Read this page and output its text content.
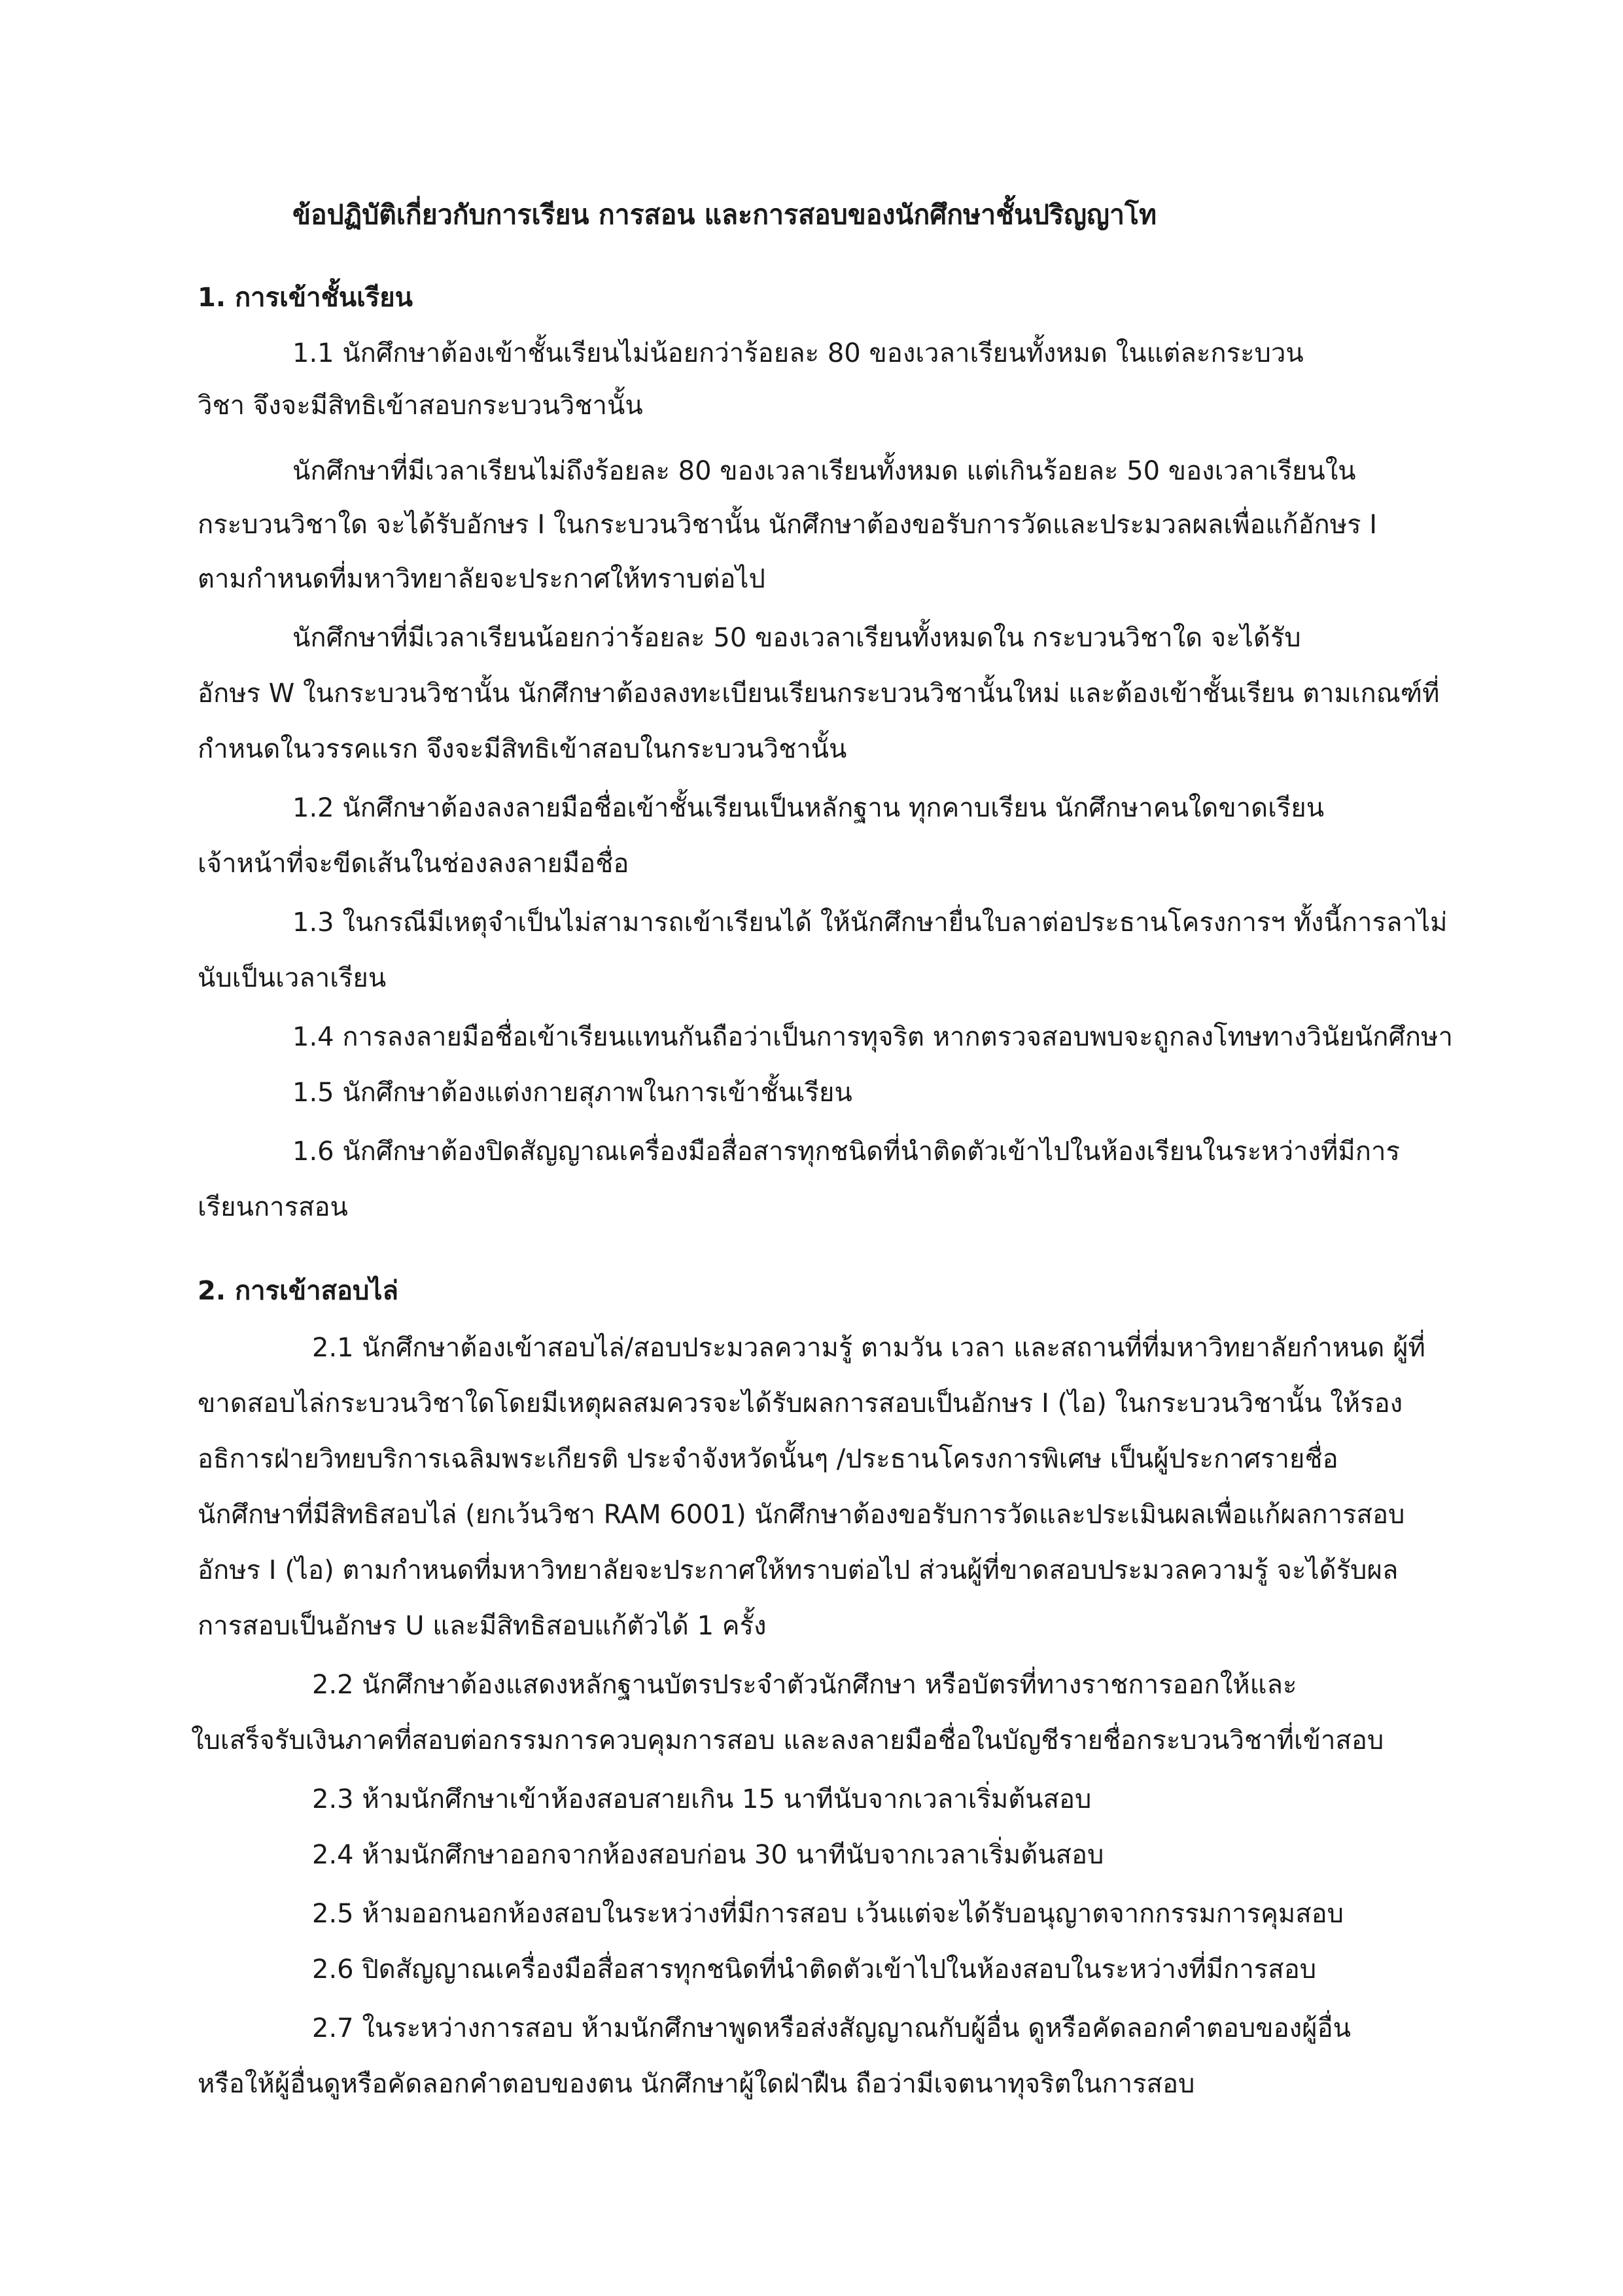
ข้อปฏิบัติเกี่ยวกับการเรียน การสอน และการสอบของนักศึกษาชั้นปริญญาโท
1. การเข้าชั้นเรียน
1.1 นักศึกษาต้องเข้าชั้นเรียนไม่น้อยกว่าร้อยละ 80 ของเวลาเรียนทั้งหมด ในแต่ละกระบวน
วิชา จึงจะมีสิทธิเข้าสอบกระบวนวิชานั้น
นักศึกษาที่มีเวลาเรียนไม่ถึงร้อยละ 80 ของเวลาเรียนทั้งหมด แต่เกินร้อยละ 50 ของเวลาเรียนใน
กระบวนวิชาใด จะได้รับอักษร I ในกระบวนวิชานั้น นักศึกษาต้องขอรับการวัดและประมวลผลเพื่อแก้อักษร I
ตามกำหนดที่มหาวิทยาลัยจะประกาศให้ทราบต่อไป
นักศึกษาที่มีเวลาเรียนน้อยกว่าร้อยละ 50 ของเวลาเรียนทั้งหมดใน กระบวนวิชาใด จะได้รับ
อักษร W ในกระบวนวิชานั้น นักศึกษาต้องลงทะเบียนเรียนกระบวนวิชานั้นใหม่ และต้องเข้าชั้นเรียน ตามเกณฑ์ที่
กำหนดในวรรคแรก จึงจะมีสิทธิเข้าสอบในกระบวนวิชานั้น
1.2 นักศึกษาต้องลงลายมือชื่อเข้าชั้นเรียนเป็นหลักฐาน ทุกคาบเรียน นักศึกษาคนใดขาดเรียน
เจ้าหน้าที่จะขีดเส้นในช่องลงลายมือชื่อ
1.3 ในกรณีมีเหตุจำเป็นไม่สามารถเข้าเรียนได้ ให้นักศึกษายื่นใบลาต่อประธานโครงการฯ ทั้งนี้การลาไม่
นับเป็นเวลาเรียน
1.4 การลงลายมือชื่อเข้าเรียนแทนกันถือว่าเป็นการทุจริต หากตรวจสอบพบจะถูกลงโทษทางวินัยนักศึกษา
1.5 นักศึกษาต้องแต่งกายสุภาพในการเข้าชั้นเรียน
1.6 นักศึกษาต้องปิดสัญญาณเครื่องมือสื่อสารทุกชนิดที่นำติดตัวเข้าไปในห้องเรียนในระหว่างที่มีการ
เรียนการสอน
2. การเข้าสอบไล่
2.1 นักศึกษาต้องเข้าสอบไล่/สอบประมวลความรู้ ตามวัน เวลา และสถานที่ที่มหาวิทยาลัยกำหนด ผู้ที่
ขาดสอบไล่กระบวนวิชาใดโดยมีเหตุผลสมควรจะได้รับผลการสอบเป็นอักษร I (ไอ) ในกระบวนวิชานั้น ให้รอง
อธิการฝ่ายวิทยบริการเฉลิมพระเกียรติ ประจำจังหวัดนั้นๆ /ประธานโครงการพิเศษ เป็นผู้ประกาศรายชื่อ
นักศึกษาที่มีสิทธิสอบไล่ (ยกเว้นวิชา RAM 6001) นักศึกษาต้องขอรับการวัดและประเมินผลเพื่อแก้ผลการสอบ
อักษร I (ไอ) ตามกำหนดที่มหาวิทยาลัยจะประกาศให้ทราบต่อไป ส่วนผู้ที่ขาดสอบประมวลความรู้ จะได้รับผล
การสอบเป็นอักษร U และมีสิทธิสอบแก้ตัวได้ 1 ครั้ง
2.2 นักศึกษาต้องแสดงหลักฐานบัตรประจำตัวนักศึกษา หรือบัตรที่ทางราชการออกให้และ
ใบเสร็จรับเงินภาคที่สอบต่อกรรมการควบคุมการสอบ และลงลายมือชื่อในบัญชีรายชื่อกระบวนวิชาที่เข้าสอบ
2.3 ห้ามนักศึกษาเข้าห้องสอบสายเกิน 15 นาทีนับจากเวลาเริ่มต้นสอบ
2.4 ห้ามนักศึกษาออกจากห้องสอบก่อน 30 นาทีนับจากเวลาเริ่มต้นสอบ
2.5 ห้ามออกนอกห้องสอบในระหว่างที่มีการสอบ เว้นแต่จะได้รับอนุญาตจากกรรมการคุมสอบ
2.6 ปิดสัญญาณเครื่องมือสื่อสารทุกชนิดที่นำติดตัวเข้าไปในห้องสอบในระหว่างที่มีการสอบ
2.7 ในระหว่างการสอบ ห้ามนักศึกษาพูดหรือส่งสัญญาณกับผู้อื่น ดูหรือคัดลอกคำตอบของผู้อื่น
หรือให้ผู้อื่นดูหรือคัดลอกคำตอบของตน นักศึกษาผู้ใดฝ่าฝืน ถือว่ามีเจตนาทุจริตในการสอบ
